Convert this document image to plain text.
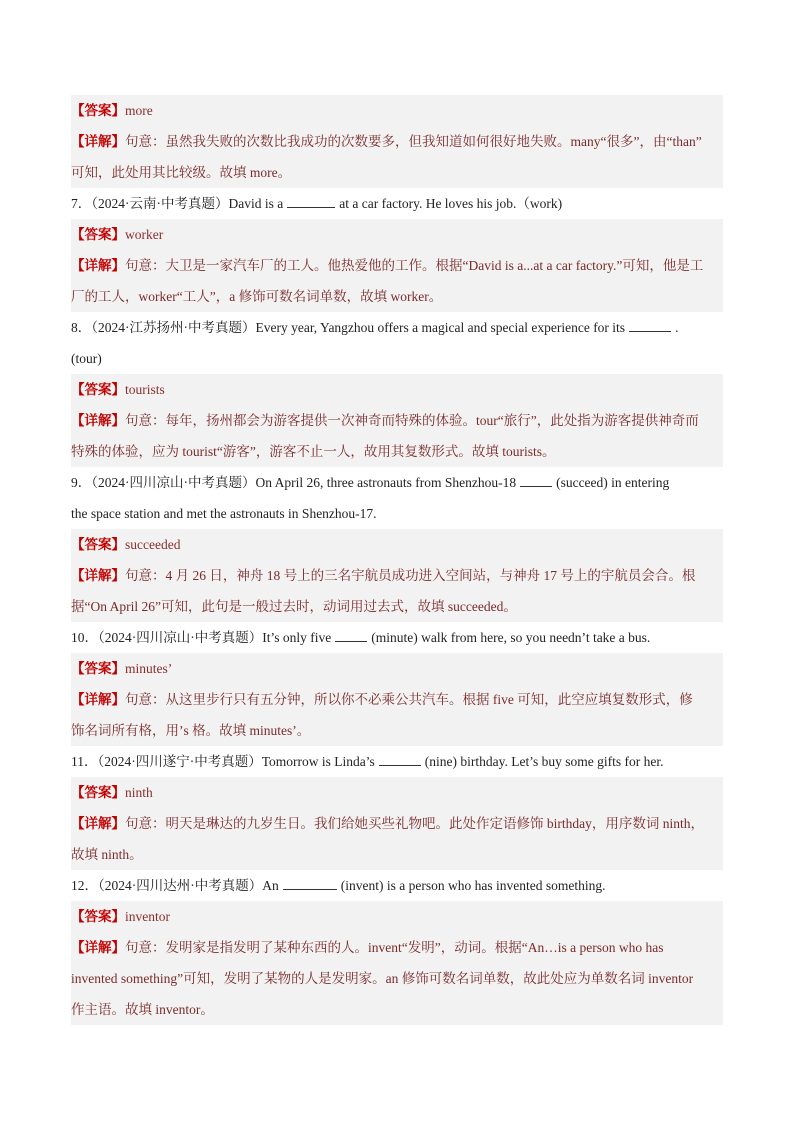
【答案】more
【详解】句意：虽然我失败的次数比我成功的次数要多，但我知道如何很好地失败。many“很多”，由“than”
可知，此处用其比较级。故填 more。
7．（2024·云南·中考真题）David is a	at a car factory. He loves his job.（work)
【答案】worker
【详解】句意：大卫是一家汽车厂的工人。他热爱他的工作。根据“David is a...at a car factory.”可知，他是工
厂的工人，worker“工人”，a 修饰可数名词单数，故填 worker。
8．（2024·江苏扬州·中考真题）Every year, Yangzhou offers a magical and special experience for its	.
(tour)
【答案】tourists
【详解】句意：每年，扬州都会为游客提供一次神奇而特殊的体验。tour“旅行”，此处指为游客提供神奇而
特殊的体验，应为 tourist“游客”，游客不止一人，故用其复数形式。故填 tourists。
9．（2024·四川凉山·中考真题）On April 26, three astronauts from Shenzhou-18	(succeed) in entering
the space station and met the astronauts in Shenzhou-17.
【答案】succeeded
【详解】句意：4 月 26 日，神舟 18 号上的三名宇航员成功进入空间站，与神舟 17 号上的宇航员会合。根
据“On April 26”可知，此句是一般过去时，动词用过去式，故填 succeeded。
10．（2024·四川凉山·中考真题）It’s only five	(minute) walk from here, so you needn’t take a bus.
【答案】minutes’
【详解】句意：从这里步行只有五分钟，所以你不必乘公共汽车。根据 five 可知，此空应填复数形式，修
饰名词所有格，用’s 格。故填 minutes’。
11．（2024·四川遂宁·中考真题）Tomorrow is Linda’s	(nine) birthday. Let’s buy some gifts for her.
【答案】ninth
【详解】句意：明天是琳达的九岁生日。我们给她买些礼物吧。此处作定语修饰 birthday，用序数词 ninth，
故填 ninth。
12．（2024·四川达州·中考真题）An	(invent) is a person who has invented something.
【答案】inventor
【详解】句意：发明家是指发明了某种东西的人。invent“发明”，动词。根据“An…is a person who has
invented something”可知，发明了某物的人是发明家。an 修饰可数名词单数，故此处应为单数名词 inventor
作主语。故填 inventor。
